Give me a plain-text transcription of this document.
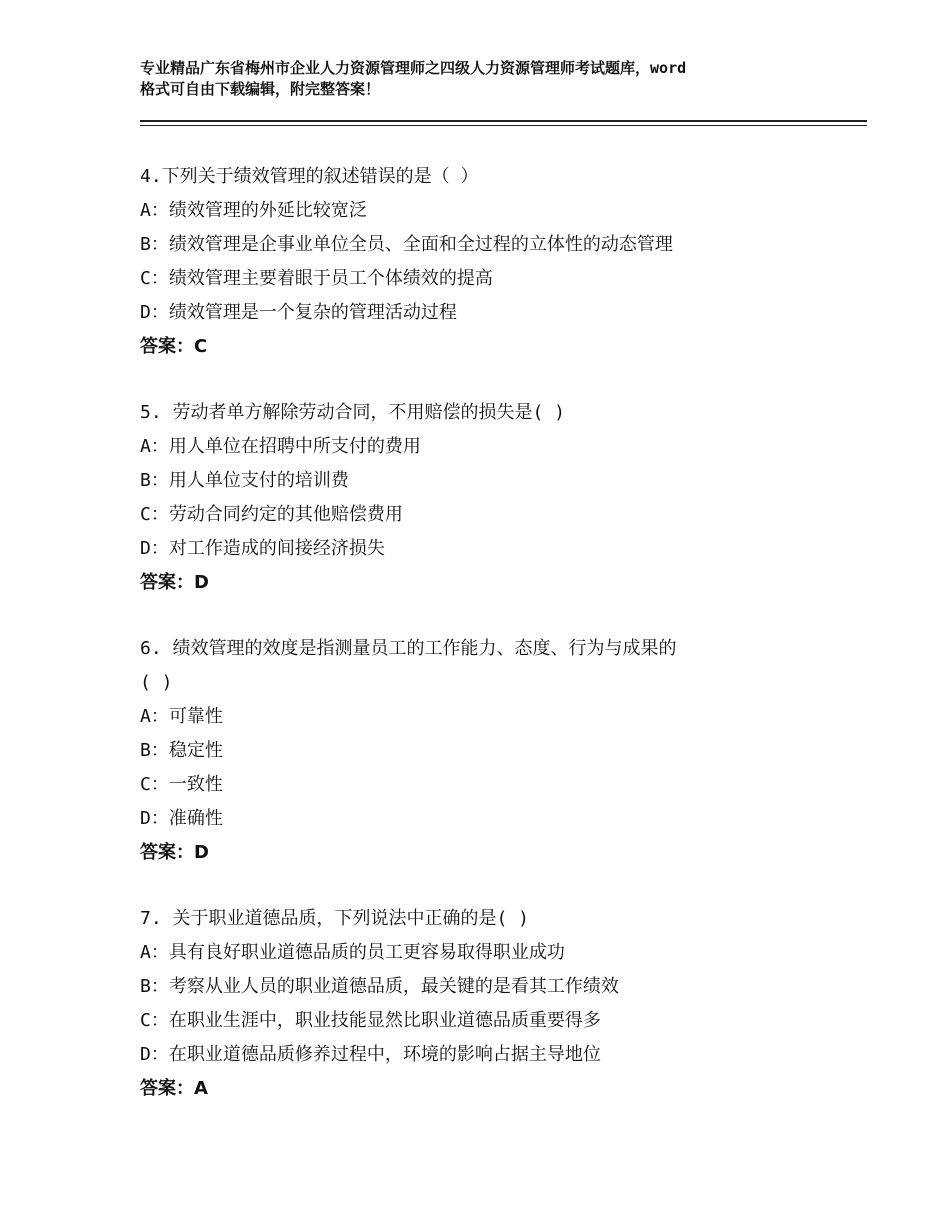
专业精品广东省梅州市企业人力资源管理师之四级人力资源管理师考试题库，word
格式可自由下载编辑，附完整答案！
4.下列关于绩效管理的叙述错误的是（ ）
A：绩效管理的外延比较宽泛
B：绩效管理是企事业单位全员、全面和全过程的立体性的动态管理
C：绩效管理主要着眼于员工个体绩效的提高
D：绩效管理是一个复杂的管理活动过程
答案：C
5. 劳动者单方解除劳动合同，不用赔偿的损失是( )
A：用人单位在招聘中所支付的费用
B：用人单位支付的培训费
C：劳动合同约定的其他赔偿费用
D：对工作造成的间接经济损失
答案：D
6. 绩效管理的效度是指测量员工的工作能力、态度、行为与成果的
( )
A：可靠性
B：稳定性
C：一致性
D：准确性
答案：D
7. 关于职业道德品质，下列说法中正确的是( )
A：具有良好职业道德品质的员工更容易取得职业成功
B：考察从业人员的职业道德品质，最关键的是看其工作绩效
C：在职业生涯中，职业技能显然比职业道德品质重要得多
D：在职业道德品质修养过程中，环境的影响占据主导地位
答案：A
